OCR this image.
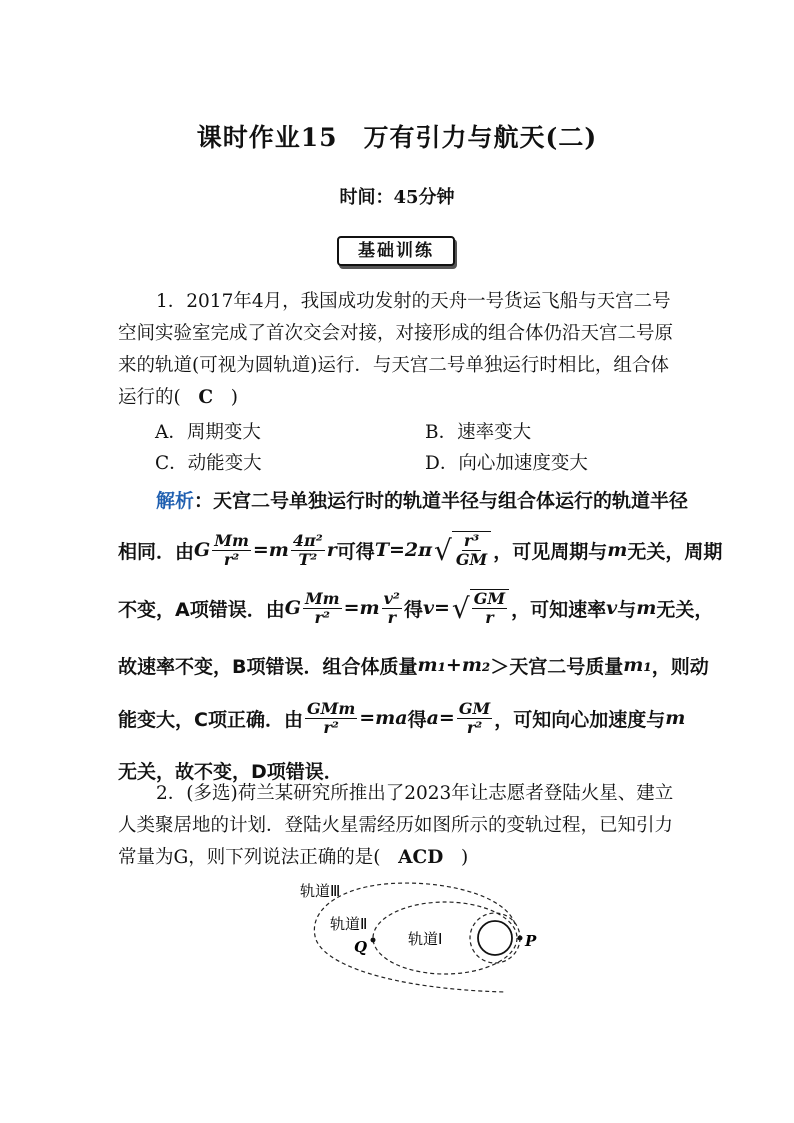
课时作业15　万有引力与航天(二)
时间：45分钟
基础训练
1．2017年4月，我国成功发射的天舟一号货运飞船与天宫二号
空间实验室完成了首次交会对接，对接形成的组合体仍沿天宫二号原
来的轨道(可视为圆轨道)运行．与天宫二号单独运行时相比，组合体
运行的( C )
A．周期变大	B．速率变大
C．动能变大	D．向心加速度变大
解析 ：天宫二号单独运行时的轨道半径与组合体运行的轨道半径
相同．由 G $\frac{Mm}{\text{r²}} =m \frac{\text{4π²}}{\text{T²}}$ r 可得 T=2π √ $\frac{\text{r³}}{GM}$ ，可见周期与 m 无关，周期
不变，A项错误．由 G $\frac{Mm}{\text{r²}} =m \frac{\text{v²}}{r}$ 得 v= √ $\frac{GM}{r}$ ，可知速率 v 与 m 无关，
故速率不变，B项错误．组合体质量 m₁+m₂ ＞天宫二号质量 m₁ ，则动
能变大，C项正确．由 $\frac{\text{GMm}}{\text{r²}} =ma$ 得 $a= \frac{GM}{\text{r²}}$ ，可知向心加速度与 m
无关，故不变，D项错误．
2．(多选)荷兰某研究所推出了2023年让志愿者登陆火星、建立
人类聚居地的计划．登陆火星需经历如图所示的变轨过程，已知引力
常量为G，则下列说法正确的是( ACD )
轨道Ⅲ
轨道Ⅱ
轨道Ⅰ
Q	P
